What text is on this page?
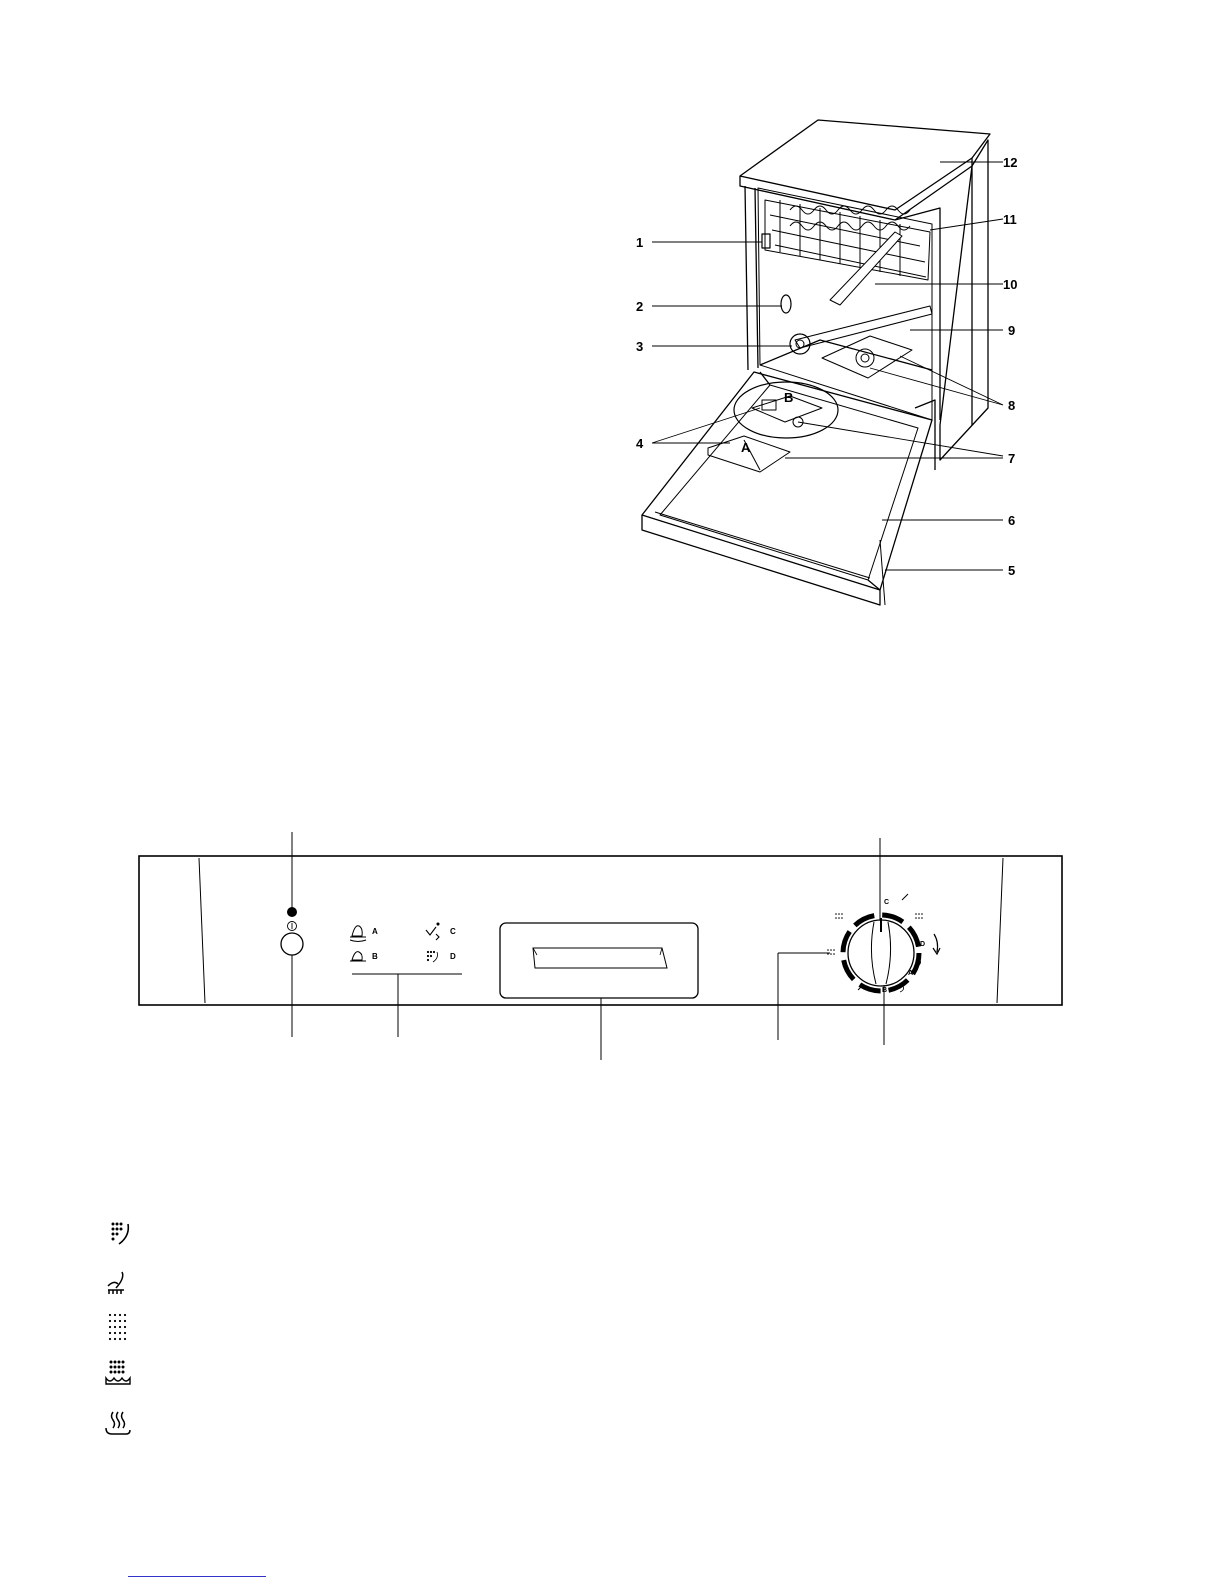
1
2
3
4
5
6
7
8
9
10
11
12
B
A
A
B
C
D
C
D
A
B
